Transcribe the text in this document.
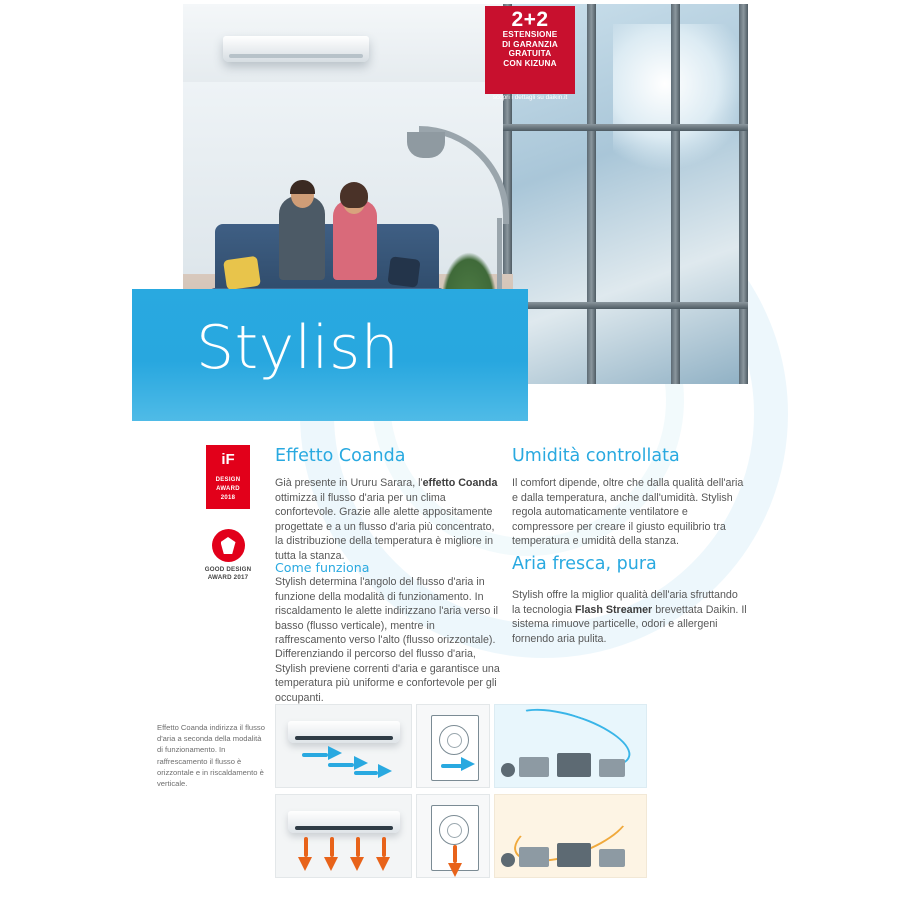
2+2
ESTENSIONE
DI GARANZIA
GRATUITA
CON KIZUNA
scopri i dettagli su daikin.it
Stylish
iF
DESIGN
AWARD
2018
GOOD DESIGN
AWARD 2017
Effetto Coanda
Già presente in Ururu Sarara, l'effetto Coanda ottimizza il flusso d'aria per un clima confortevole. Grazie alle alette appositamente progettate e a un flusso d'aria più concentrato, la distribuzione della temperatura è migliore in tutta la stanza.
Come funziona
Stylish determina l'angolo del flusso d'aria in funzione della modalità di funzionamento. In riscaldamento le alette indirizzano l'aria verso il basso (flusso verticale), mentre in raffrescamento verso l'alto (flusso orizzontale).
Differenziando il percorso del flusso d'aria, Stylish previene correnti d'aria e garantisce una temperatura più uniforme e confortevole per gli occupanti.
Umidità controllata
Il comfort dipende, oltre che dalla qualità dell'aria e dalla temperatura, anche dall'umidità. Stylish regola automaticamente ventilatore e compressore per creare il giusto equilibrio tra temperatura e umidità della stanza.
Aria fresca, pura
Stylish offre la miglior qualità dell'aria sfruttando la tecnologia Flash Streamer brevettata Daikin. Il sistema rimuove particelle, odori e allergeni fornendo aria pulita.
Effetto Coanda indirizza il flusso d'aria a seconda della modalità di funzionamento. In raffrescamento il flusso è orizzontale e in riscaldamento è verticale.
